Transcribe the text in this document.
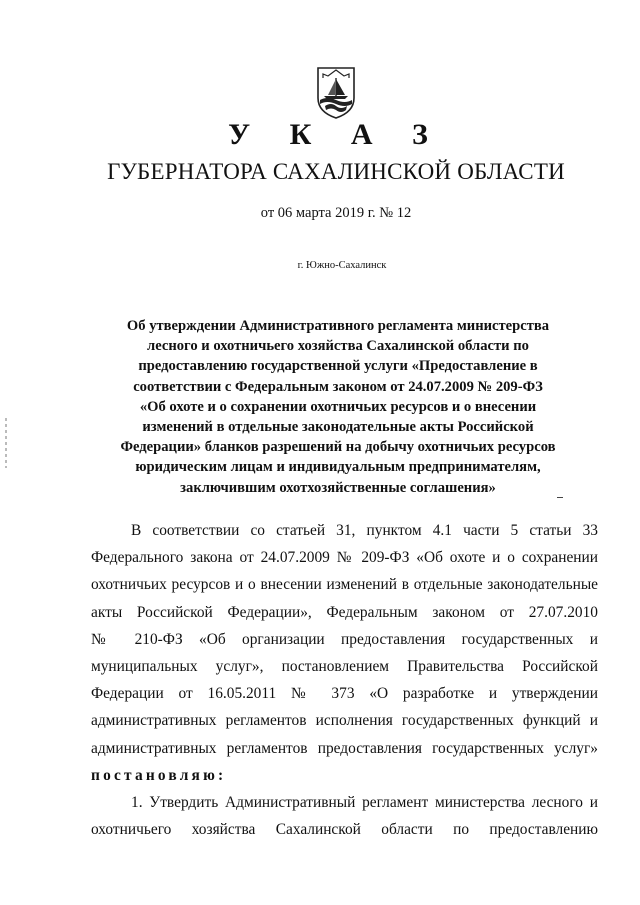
У К А З
ГУБЕРНАТОРА САХАЛИНСКОЙ ОБЛАСТИ
от 06 марта 2019 г. № 12
г. Южно-Сахалинск
Об утверждении Административного регламента министерства
лесного и охотничьего хозяйства Сахалинской области по
предоставлению государственной услуги «Предоставление в
соответствии с Федеральным законом от 24.07.2009 № 209-ФЗ
«Об охоте и о сохранении охотничьих ресурсов и о внесении
изменений в отдельные законодательные акты Российской
Федерации» бланков разрешений на добычу охотничьих ресурсов
юридическим лицам и индивидуальным предпринимателям,
заключившим охотхозяйственные соглашения»
В соответствии со статьей 31, пунктом 4.1 части 5 статьи 33
Федерального закона от 24.07.2009 № 209-ФЗ «Об охоте и о сохранении
охотничьих ресурсов и о внесении изменений в отдельные законодательные
акты Российской Федерации», Федеральным законом от 27.07.2010
№ 210-ФЗ «Об организации предоставления государственных и
муниципальных услуг», постановлением Правительства Российской
Федерации от 16.05.2011 № 373 «О разработке и утверждении
административных регламентов исполнения государственных функций и
административных регламентов предоставления государственных услуг»
постановляю:
1. Утвердить Административный регламент министерства лесного и
охотничьего хозяйства Сахалинской области по предоставлению
